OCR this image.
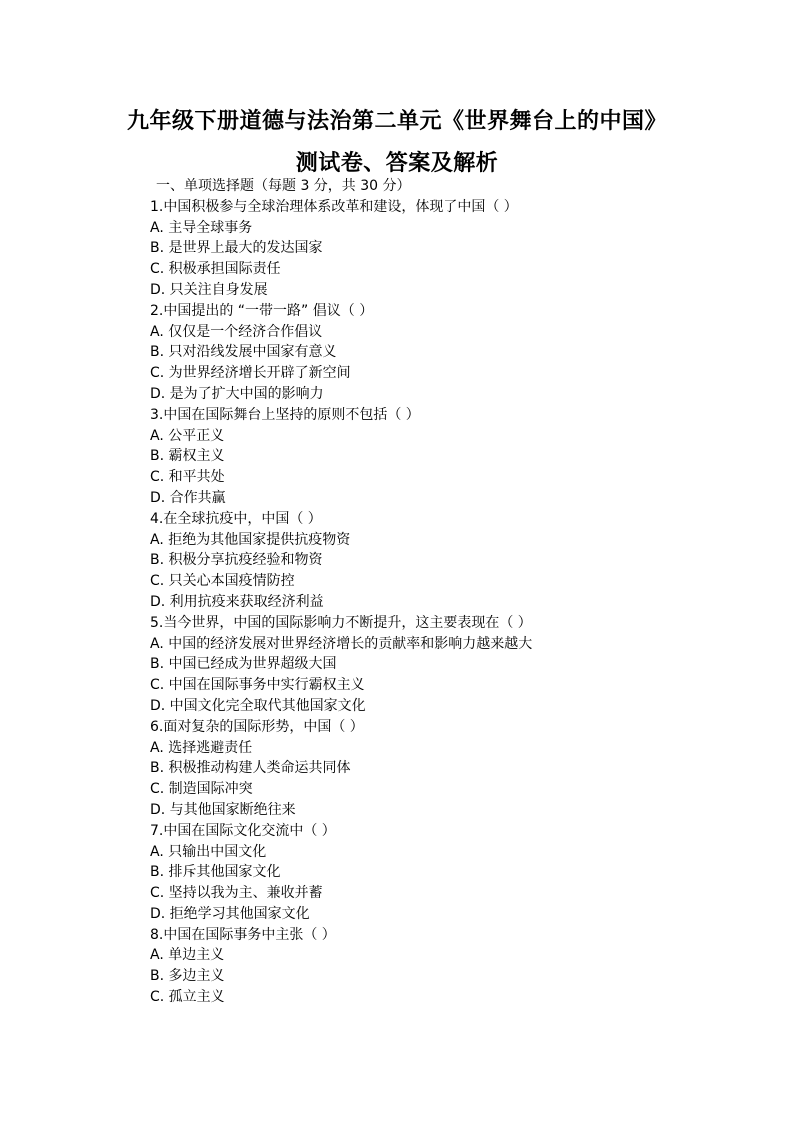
九年级下册道德与法治第二单元《世界舞台上的中国》
测试卷、答案及解析
一、单项选择题（每题 3 分，共 30 分）
1.中国积极参与全球治理体系改革和建设，体现了中国（ ）
A. 主导全球事务
B. 是世界上最大的发达国家
C. 积极承担国际责任
D. 只关注自身发展
2.中国提出的 “一带一路” 倡议（ ）
A. 仅仅是一个经济合作倡议
B. 只对沿线发展中国家有意义
C. 为世界经济增长开辟了新空间
D. 是为了扩大中国的影响力
3.中国在国际舞台上坚持的原则不包括（ ）
A. 公平正义
B. 霸权主义
C. 和平共处
D. 合作共赢
4.在全球抗疫中，中国（ ）
A. 拒绝为其他国家提供抗疫物资
B. 积极分享抗疫经验和物资
C. 只关心本国疫情防控
D. 利用抗疫来获取经济利益
5.当今世界，中国的国际影响力不断提升，这主要表现在（ ）
A. 中国的经济发展对世界经济增长的贡献率和影响力越来越大
B. 中国已经成为世界超级大国
C. 中国在国际事务中实行霸权主义
D. 中国文化完全取代其他国家文化
6.面对复杂的国际形势，中国（ ）
A. 选择逃避责任
B. 积极推动构建人类命运共同体
C. 制造国际冲突
D. 与其他国家断绝往来
7.中国在国际文化交流中（ ）
A. 只输出中国文化
B. 排斥其他国家文化
C. 坚持以我为主、兼收并蓄
D. 拒绝学习其他国家文化
8.中国在国际事务中主张（ ）
A. 单边主义
B. 多边主义
C. 孤立主义
